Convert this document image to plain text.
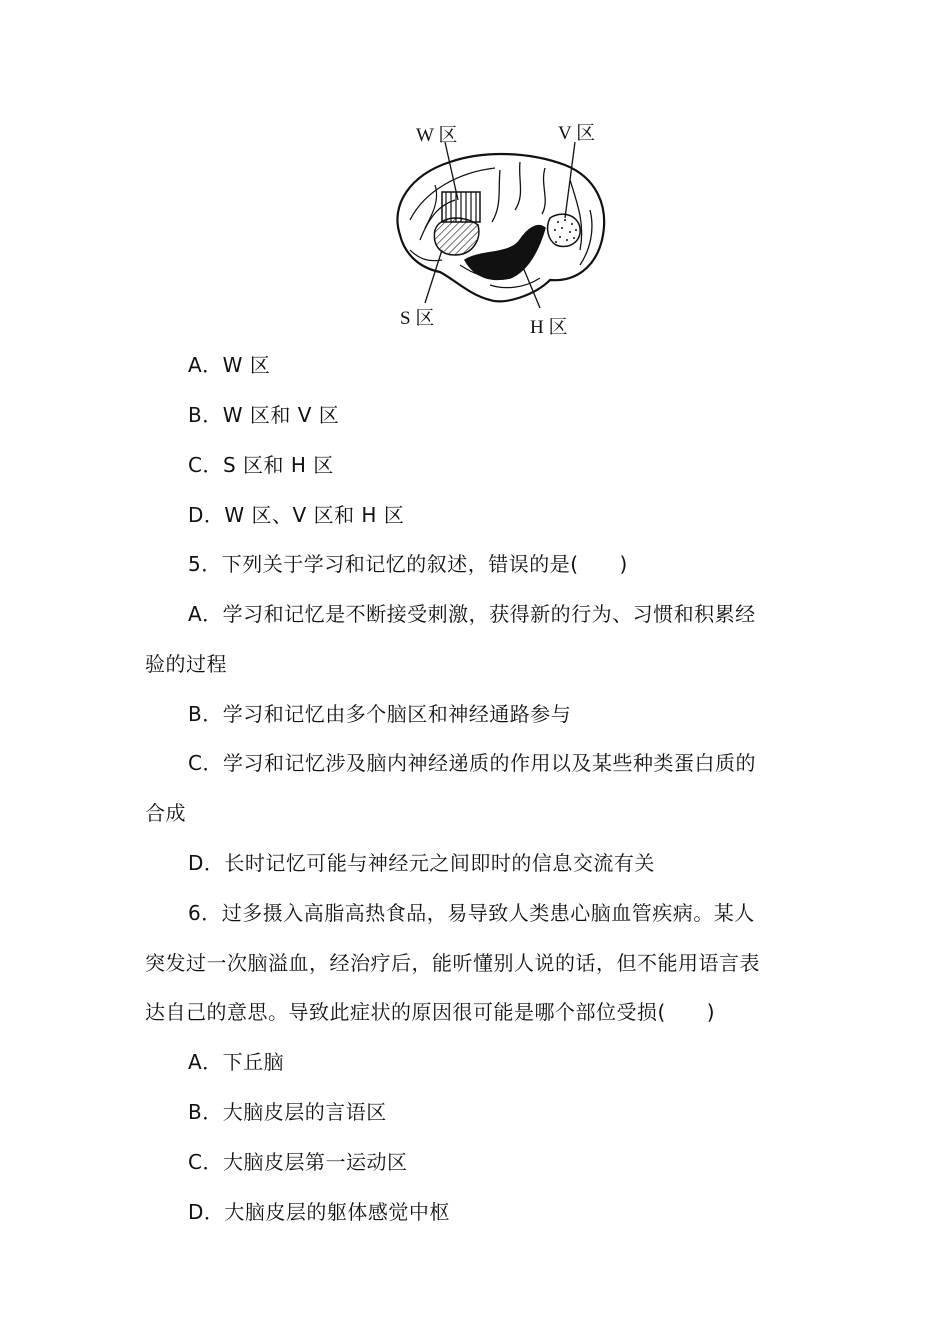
W 区	V 区
S 区	H 区
A．W 区
B．W 区和 V 区
C．S 区和 H 区
D．W 区、V 区和 H 区
5．下列关于学习和记忆的叙述，错误的是(　　)
A．学习和记忆是不断接受刺激，获得新的行为、习惯和积累经
验的过程
B．学习和记忆由多个脑区和神经通路参与
C．学习和记忆涉及脑内神经递质的作用以及某些种类蛋白质的
合成
D．长时记忆可能与神经元之间即时的信息交流有关
6．过多摄入高脂高热食品，易导致人类患心脑血管疾病。某人
突发过一次脑溢血，经治疗后，能听懂别人说的话，但不能用语言表
达自己的意思。导致此症状的原因很可能是哪个部位受损(　　)
A．下丘脑
B．大脑皮层的言语区
C．大脑皮层第一运动区
D．大脑皮层的躯体感觉中枢
